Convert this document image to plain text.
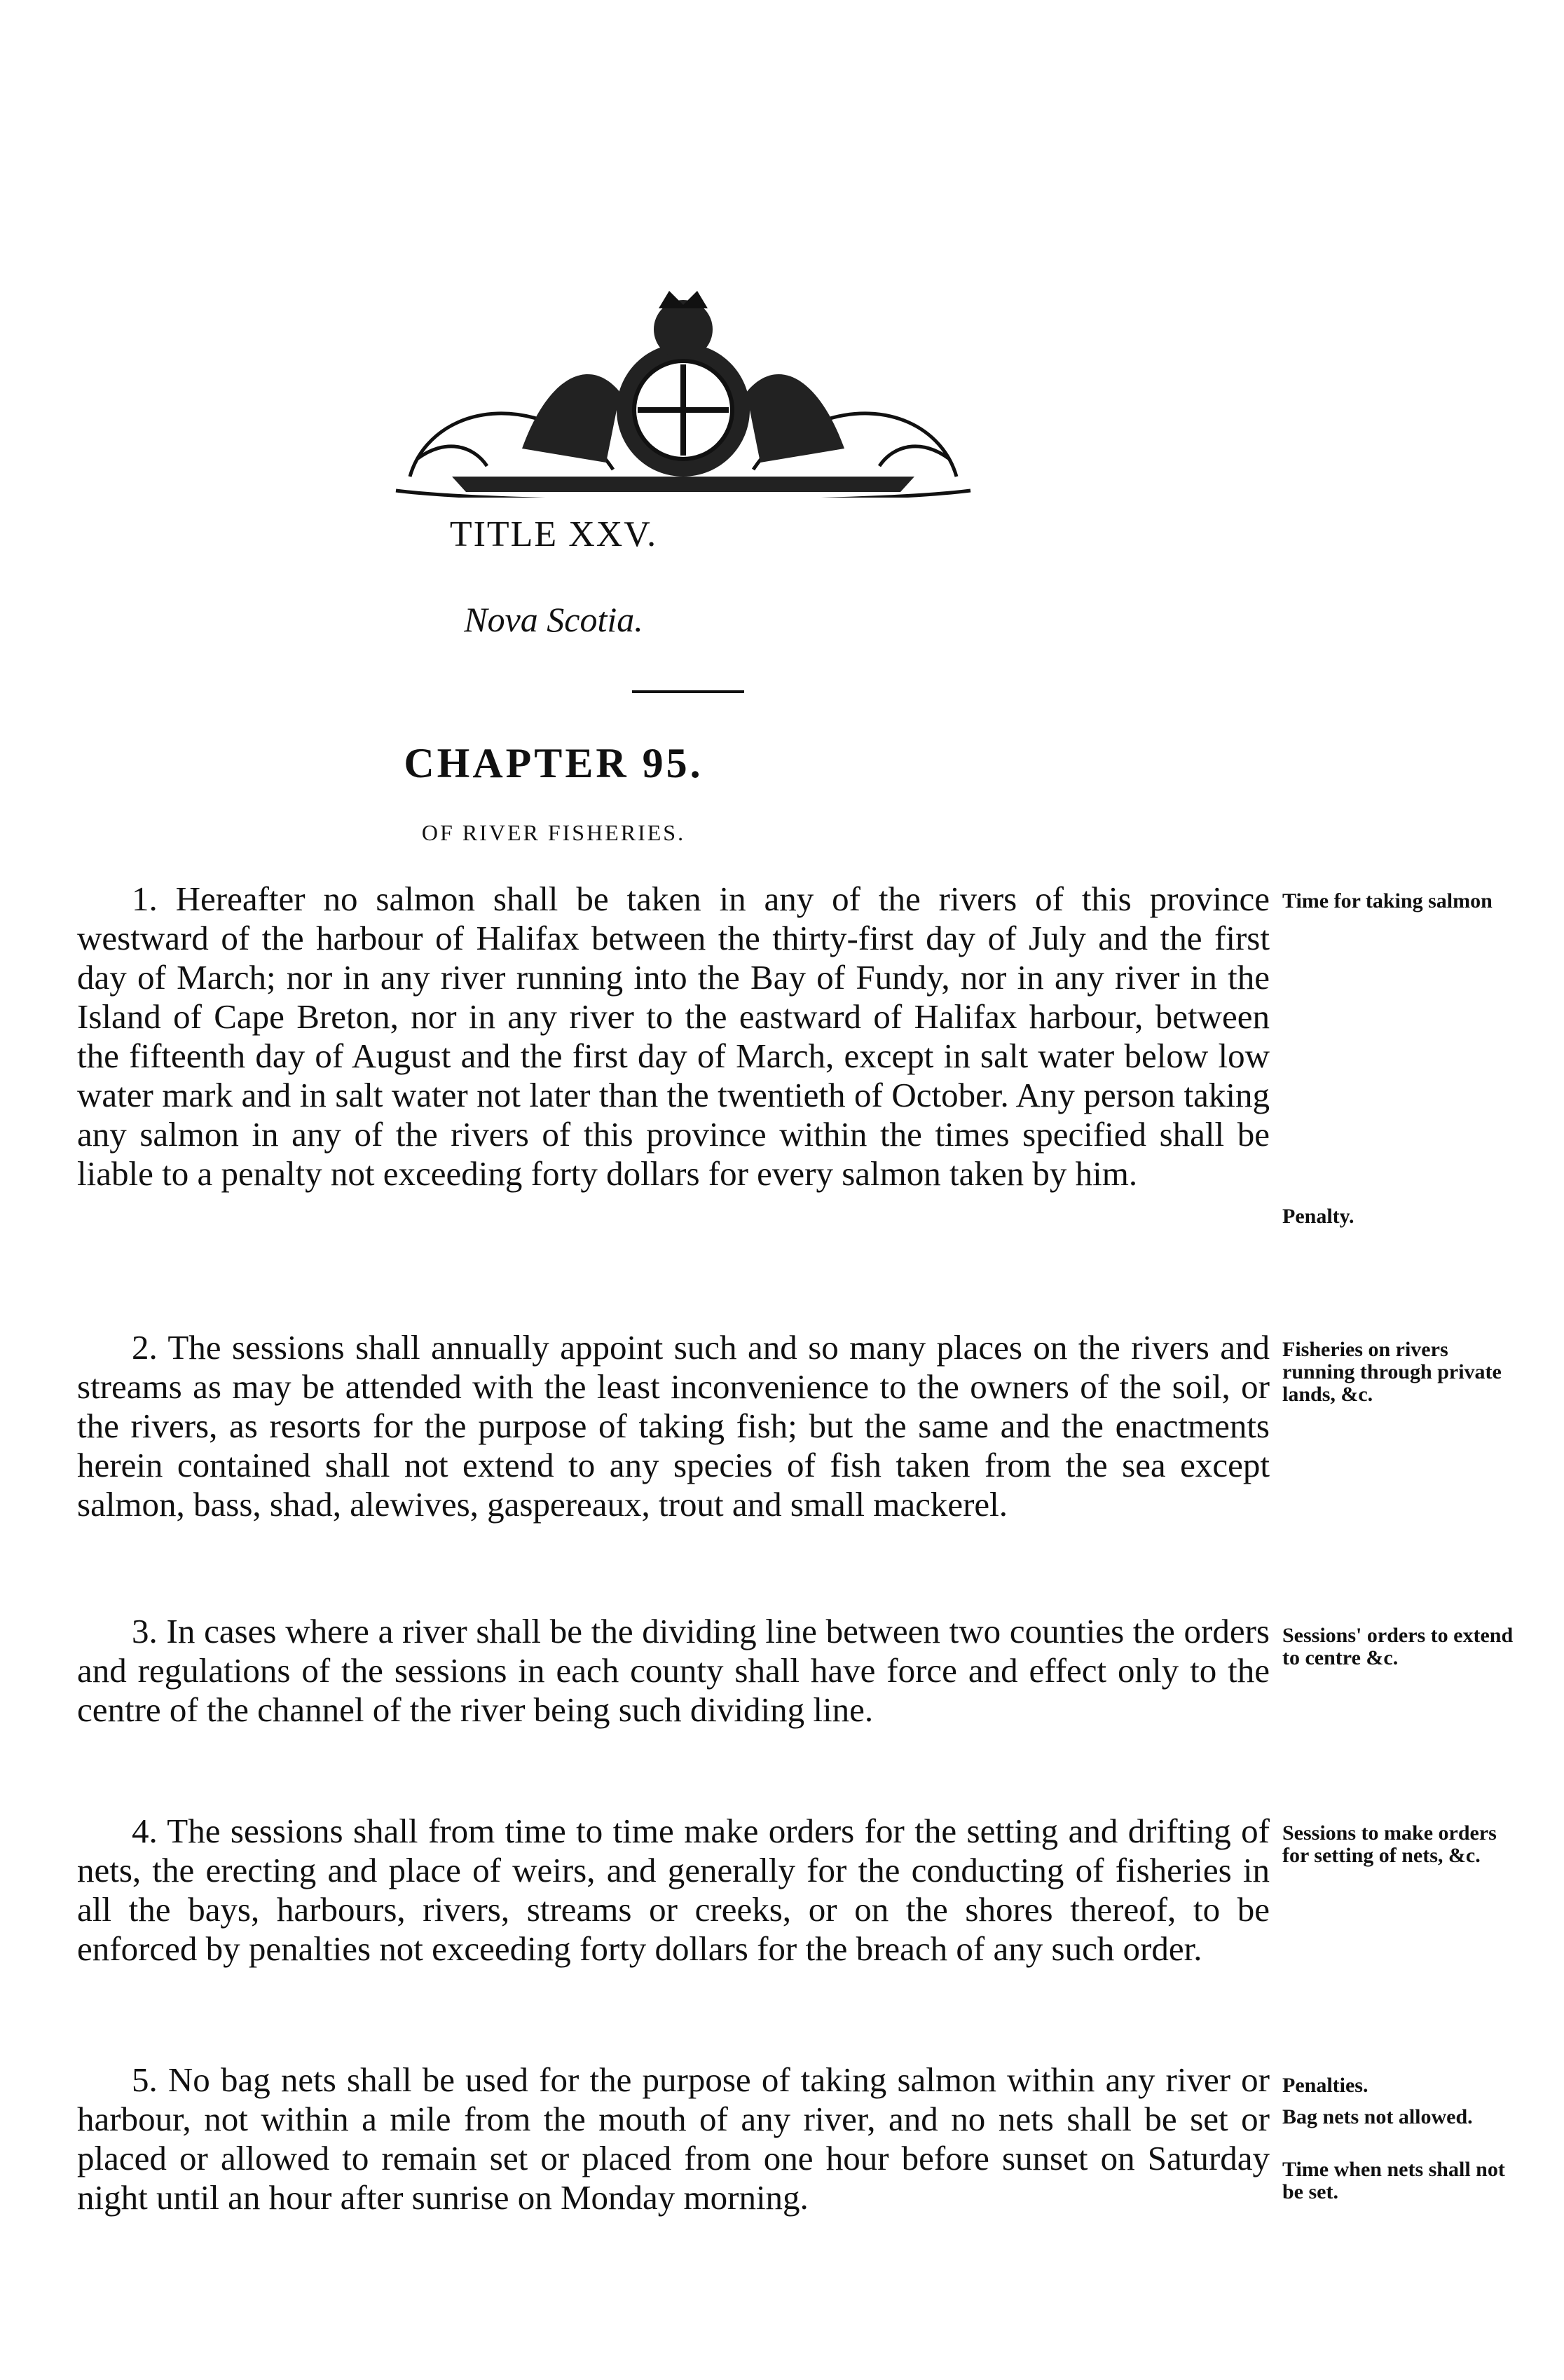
TITLE XXV.
Nova Scotia.
CHAPTER 95.
OF RIVER FISHERIES.

1. Hereafter no salmon shall be taken in any of the rivers of this province westward of the harbour of Halifax between the thirty-first day of July and the first day of March; nor in any river running into the Bay of Fundy, nor in any river in the Island of Cape Breton, nor in any river to the eastward of Halifax harbour, between the fifteenth day of August and the first day of March, except in salt water below low water mark and in salt water not later than the twentieth of October. Any person taking any salmon in any of the rivers of this province within the times specified shall be liable to a penalty not exceeding forty dollars for every salmon taken by him.

Time for taking salmon

Penalty.

2. The sessions shall annually appoint such and so many places on the rivers and streams as may be attended with the least inconvenience to the owners of the soil, or the rivers, as resorts for the purpose of taking fish; but the same and the enactments herein contained shall not extend to any species of fish taken from the sea except salmon, bass, shad, alewives, gaspereaux, trout and small mackerel.

Fisheries on rivers running through private lands, &c.

3. In cases where a river shall be the dividing line between two counties the orders and regulations of the sessions in each county shall have force and effect only to the centre of the channel of the river being such dividing line.

Sessions' orders to extend to centre &c.

4. The sessions shall from time to time make orders for the setting and drifting of nets, the erecting and place of weirs, and generally for the conducting of fisheries in all the bays, harbours, rivers, streams or creeks, or on the shores thereof, to be enforced by penalties not exceeding forty dollars for the breach of any such order.

Sessions to make orders for setting of nets, &c.

5. No bag nets shall be used for the purpose of taking salmon within any river or harbour, not within a mile from the mouth of any river, and no nets shall be set or placed or allowed to remain set or placed from one hour before sunset on Saturday night until an hour after sunrise on Monday morning.

Penalties.

Bag nets not allowed.

Time when nets shall not be set.
